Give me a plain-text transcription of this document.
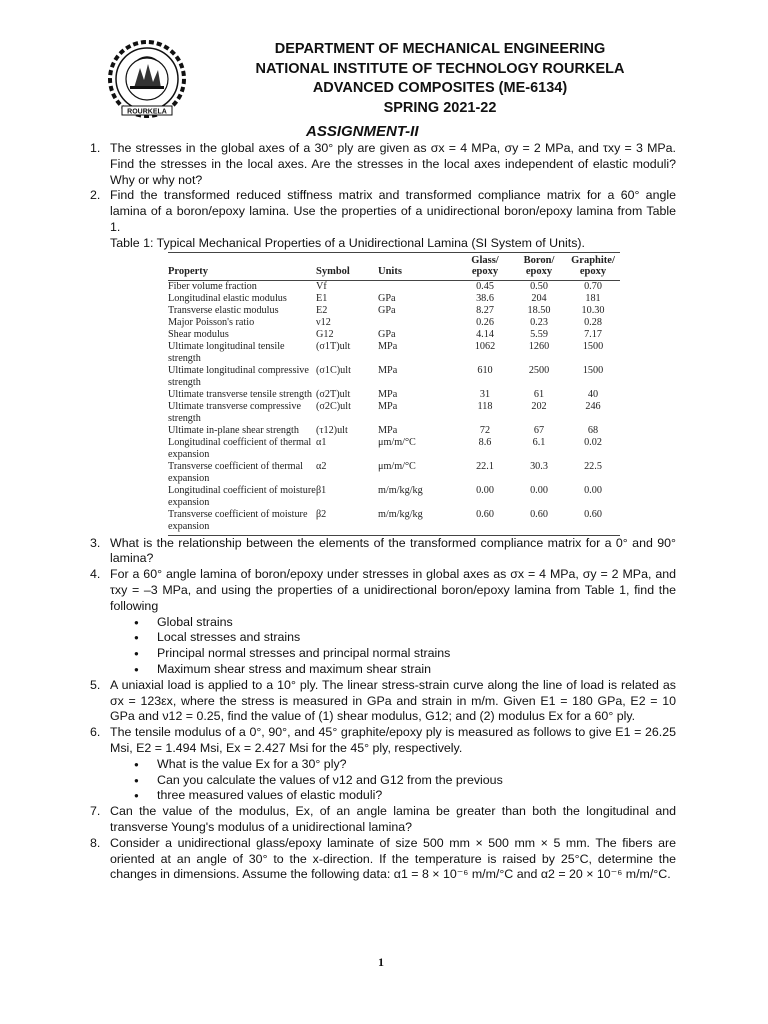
ROURKELA
DEPARTMENT OF MECHANICAL ENGINEERING
NATIONAL INSTITUTE OF TECHNOLOGY ROURKELA
ADVANCED COMPOSITES (ME-6134)
SPRING 2021-22
ASSIGNMENT-II
1. The stresses in the global axes of a 30° ply are given as σx = 4 MPa, σy = 2 MPa, and τxy = 3 MPa. Find the stresses in the local axes. Are the stresses in the local axes independent of elastic moduli? Why or why not?
2. Find the transformed reduced stiffness matrix and transformed compliance matrix for a 60° angle lamina of a boron/epoxy lamina. Use the properties of a unidirectional boron/epoxy lamina from Table 1.
Table 1: Typical Mechanical Properties of a Unidirectional Lamina (SI System of Units).
Property	Symbol	Units	Glass/ epoxy	Boron/ epoxy	Graphite/ epoxy
Fiber volume fraction	Vf		0.45	0.50	0.70
Longitudinal elastic modulus	E1	GPa	38.6	204	181
Transverse elastic modulus	E2	GPa	8.27	18.50	10.30
Major Poisson's ratio	ν12		0.26	0.23	0.28
Shear modulus	G12	GPa	4.14	5.59	7.17
Ultimate longitudinal tensile strength	(σ1T)ult	MPa	1062	1260	1500
Ultimate longitudinal compressive strength	(σ1C)ult	MPa	610	2500	1500
Ultimate transverse tensile strength	(σ2T)ult	MPa	31	61	40
Ultimate transverse compressive strength	(σ2C)ult	MPa	118	202	246
Ultimate in-plane shear strength	(τ12)ult	MPa	72	67	68
Longitudinal coefficient of thermal expansion	α1	μm/m/°C	8.6	6.1	0.02
Transverse coefficient of thermal expansion	α2	μm/m/°C	22.1	30.3	22.5
Longitudinal coefficient of moisture expansion	β1	m/m/kg/kg	0.00	0.00	0.00
Transverse coefficient of moisture expansion	β2	m/m/kg/kg	0.60	0.60	0.60
3. What is the relationship between the elements of the transformed compliance matrix for a 0° and 90° lamina?
4. For a 60° angle lamina of boron/epoxy under stresses in global axes as σx = 4 MPa, σy = 2 MPa, and τxy = –3 MPa, and using the properties of a unidirectional boron/epoxy lamina from Table 1, find the following
● Global strains
● Local stresses and strains
● Principal normal stresses and principal normal strains
● Maximum shear stress and maximum shear strain
5. A uniaxial load is applied to a 10° ply. The linear stress-strain curve along the line of load is related as σx = 123εx, where the stress is measured in GPa and strain in m/m. Given E1 = 180 GPa, E2 = 10 GPa and ν12 = 0.25, find the value of (1) shear modulus, G12; and (2) modulus Ex for a 60° ply.
6. The tensile modulus of a 0°, 90°, and 45° graphite/epoxy ply is measured as follows to give E1 = 26.25 Msi, E2 = 1.494 Msi, Ex = 2.427 Msi for the 45° ply, respectively.
● What is the value Ex for a 30° ply?
● Can you calculate the values of ν12 and G12 from the previous
● three measured values of elastic moduli?
7. Can the value of the modulus, Ex, of an angle lamina be greater than both the longitudinal and transverse Young's modulus of a unidirectional lamina?
8. Consider a unidirectional glass/epoxy laminate of size 500 mm × 500 mm × 5 mm. The fibers are oriented at an angle of 30° to the x-direction. If the temperature is raised by 25°C, determine the changes in dimensions. Assume the following data: α1 = 8 × 10⁻⁶ m/m/°C and α2 = 20 × 10⁻⁶ m/m/°C.
1
